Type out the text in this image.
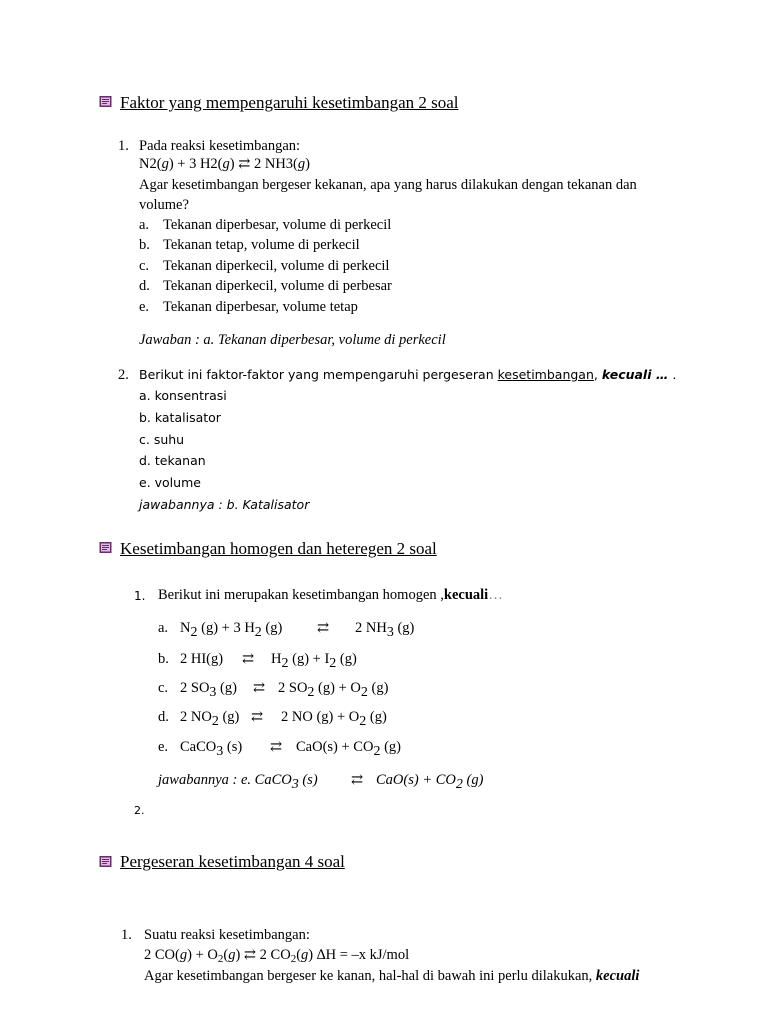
Faktor yang mempengaruhi kesetimbangan 2 soal
1. Pada reaksi kesetimbangan:
N2(g) + 3 H2(g) ⇄ 2 NH3(g)
Agar kesetimbangan bergeser kekanan, apa yang harus dilakukan dengan tekanan dan
volume?
a. Tekanan diperbesar, volume di perkecil
b. Tekanan tetap, volume di perkecil
c. Tekanan diperkecil, volume di perkecil
d. Tekanan diperkecil, volume di perbesar
e. Tekanan diperbesar, volume tetap
Jawaban : a. Tekanan diperbesar, volume di perkecil
2. Berikut ini faktor-faktor yang mempengaruhi pergeseran kesetimbangan, kecuali … .
a. konsentrasi
b. katalisator
c. suhu
d. tekanan
e. volume
jawabannya : b. Katalisator
Kesetimbangan homogen dan heteregen 2 soal
1. Berikut ini merupakan kesetimbangan homogen ,kecuali…
a. N2 (g) + 3 H2 (g) ⇄ 2 NH3 (g)
b. 2 HI(g) ⇄ H2 (g) + I2 (g)
c. 2 SO3 (g) ⇄ 2 SO2 (g) + O2 (g)
d. 2 NO2 (g) ⇄ 2 NO (g) + O2 (g)
e. CaCO3 (s) ⇄ CaO(s) + CO2 (g)
jawabannya : e. CaCO3 (s) ⇄ CaO(s) + CO2 (g)
2.
Pergeseran kesetimbangan 4 soal
1. Suatu reaksi kesetimbangan:
2 $CO(g) + O_2(g)$ ⇄ 2 $CO_2(g) \Delta H = -x$ kJ/mol
Agar kesetimbangan bergeser ke kanan, hal-hal di bawah ini perlu dilakukan, kecuali
